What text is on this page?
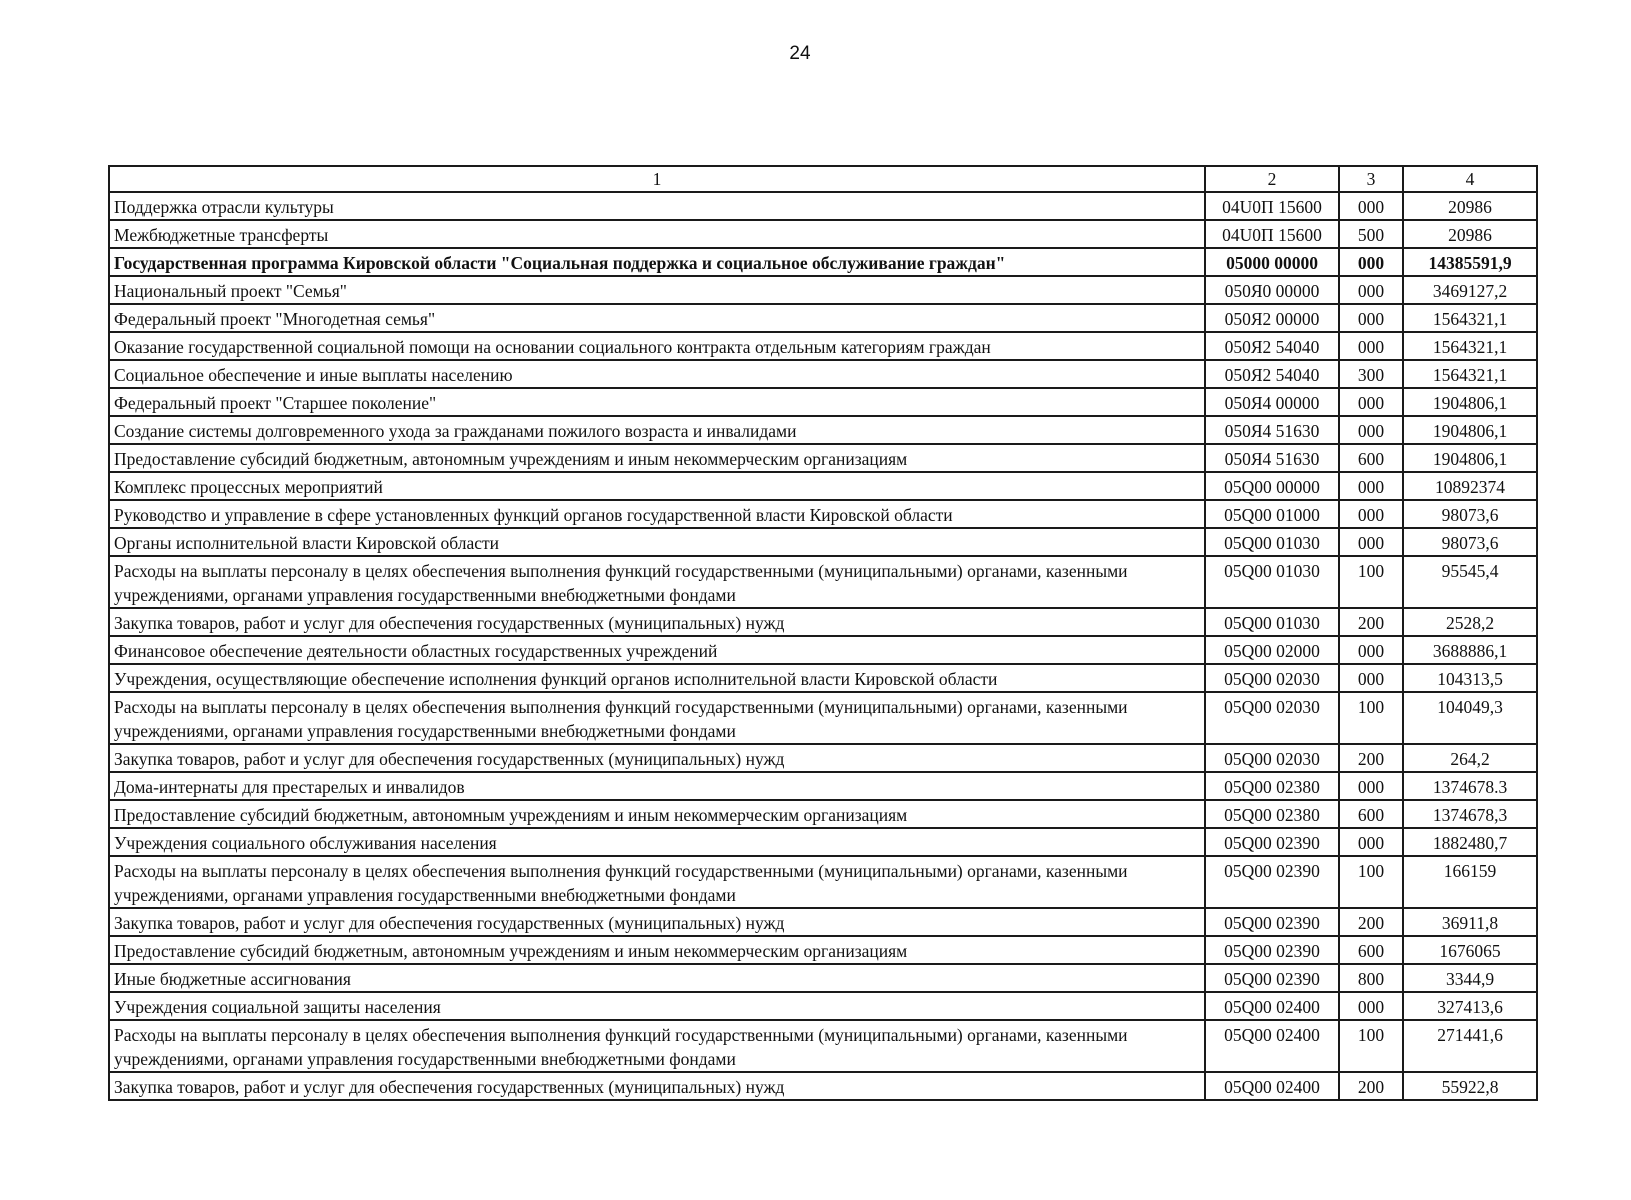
24
1	2	3	4
Поддержка отрасли культуры	04U0П 15600	000	20986
Межбюджетные трансферты	04U0П 15600	500	20986
Государственная программа Кировской области "Социальная поддержка и социальное обслуживание граждан"	05000 00000	000	14385591,9
Национальный проект "Семья"	050Я0 00000	000	3469127,2
Федеральный проект "Многодетная семья"	050Я2 00000	000	1564321,1
Оказание государственной социальной помощи на основании социального контракта отдельным категориям граждан	050Я2 54040	000	1564321,1
Социальное обеспечение и иные выплаты населению	050Я2 54040	300	1564321,1
Федеральный проект "Старшее поколение"	050Я4 00000	000	1904806,1
Создание системы долговременного ухода за гражданами пожилого возраста и инвалидами	050Я4 51630	000	1904806,1
Предоставление субсидий бюджетным, автономным учреждениям и иным некоммерческим организациям	050Я4 51630	600	1904806,1
Комплекс процессных мероприятий	05Q00 00000	000	10892374
Руководство и управление в сфере установленных функций органов государственной власти Кировской области	05Q00 01000	000	98073,6
Органы исполнительной власти Кировской области	05Q00 01030	000	98073,6
Расходы на выплаты персоналу в целях обеспечения выполнения функций государственными (муниципальными) органами, казенными учреждениями, органами управления государственными внебюджетными фондами	05Q00 01030	100	95545,4
Закупка товаров, работ и услуг для обеспечения государственных (муниципальных) нужд	05Q00 01030	200	2528,2
Финансовое обеспечение деятельности областных государственных учреждений	05Q00 02000	000	3688886,1
Учреждения, осуществляющие обеспечение исполнения функций органов исполнительной власти Кировской области	05Q00 02030	000	104313,5
Расходы на выплаты персоналу в целях обеспечения выполнения функций государственными (муниципальными) органами, казенными учреждениями, органами управления государственными внебюджетными фондами	05Q00 02030	100	104049,3
Закупка товаров, работ и услуг для обеспечения государственных (муниципальных) нужд	05Q00 02030	200	264,2
Дома-интернаты для престарелых и инвалидов	05Q00 02380	000	1374678.3
Предоставление субсидий бюджетным, автономным учреждениям и иным некоммерческим организациям	05Q00 02380	600	1374678,3
Учреждения социального обслуживания населения	05Q00 02390	000	1882480,7
Расходы на выплаты персоналу в целях обеспечения выполнения функций государственными (муниципальными) органами, казенными учреждениями, органами управления государственными внебюджетными фондами	05Q00 02390	100	166159
Закупка товаров, работ и услуг для обеспечения государственных (муниципальных) нужд	05Q00 02390	200	36911,8
Предоставление субсидий бюджетным, автономным учреждениям и иным некоммерческим организациям	05Q00 02390	600	1676065
Иные бюджетные ассигнования	05Q00 02390	800	3344,9
Учреждения социальной защиты населения	05Q00 02400	000	327413,6
Расходы на выплаты персоналу в целях обеспечения выполнения функций государственными (муниципальными) органами, казенными учреждениями, органами управления государственными внебюджетными фондами	05Q00 02400	100	271441,6
Закупка товаров, работ и услуг для обеспечения государственных (муниципальных) нужд	05Q00 02400	200	55922,8
